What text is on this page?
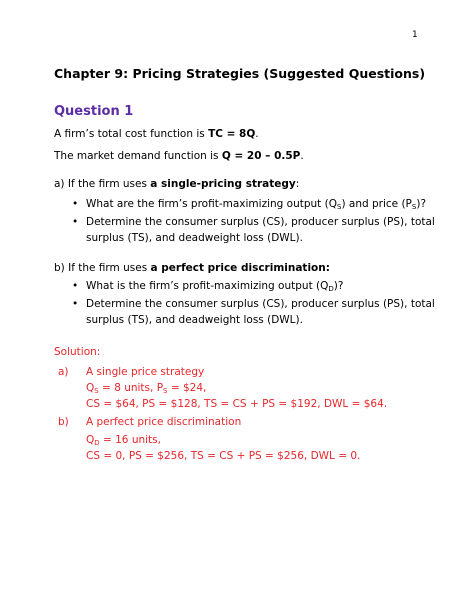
1
Chapter 9: Pricing Strategies (Suggested Questions)
Question 1
A firm’s total cost function is TC = 8Q.
The market demand function is Q = 20 – 0.5P.
a) If the firm uses a single-pricing strategy:
• What are the firm’s profit-maximizing output $(Q_S)$ and price $(P_S)$?
• Determine the consumer surplus (CS), producer surplus (PS), total
surplus (TS), and deadweight loss (DWL).
b) If the firm uses a perfect price discrimination:
• What is the firm’s profit-maximizing output $(Q_D)$?
• Determine the consumer surplus (CS), producer surplus (PS), total
surplus (TS), and deadweight loss (DWL).
Solution:
a) A single price strategy
$Q_S = 8$ units, $P_S$ = $24,
CS = $64, PS = $128, TS = CS + PS = $192, DWL = $64.
b) A perfect price discrimination
$Q_D = 16$ units,
CS = 0, PS = $256, TS = CS + PS = $256, DWL = 0.
